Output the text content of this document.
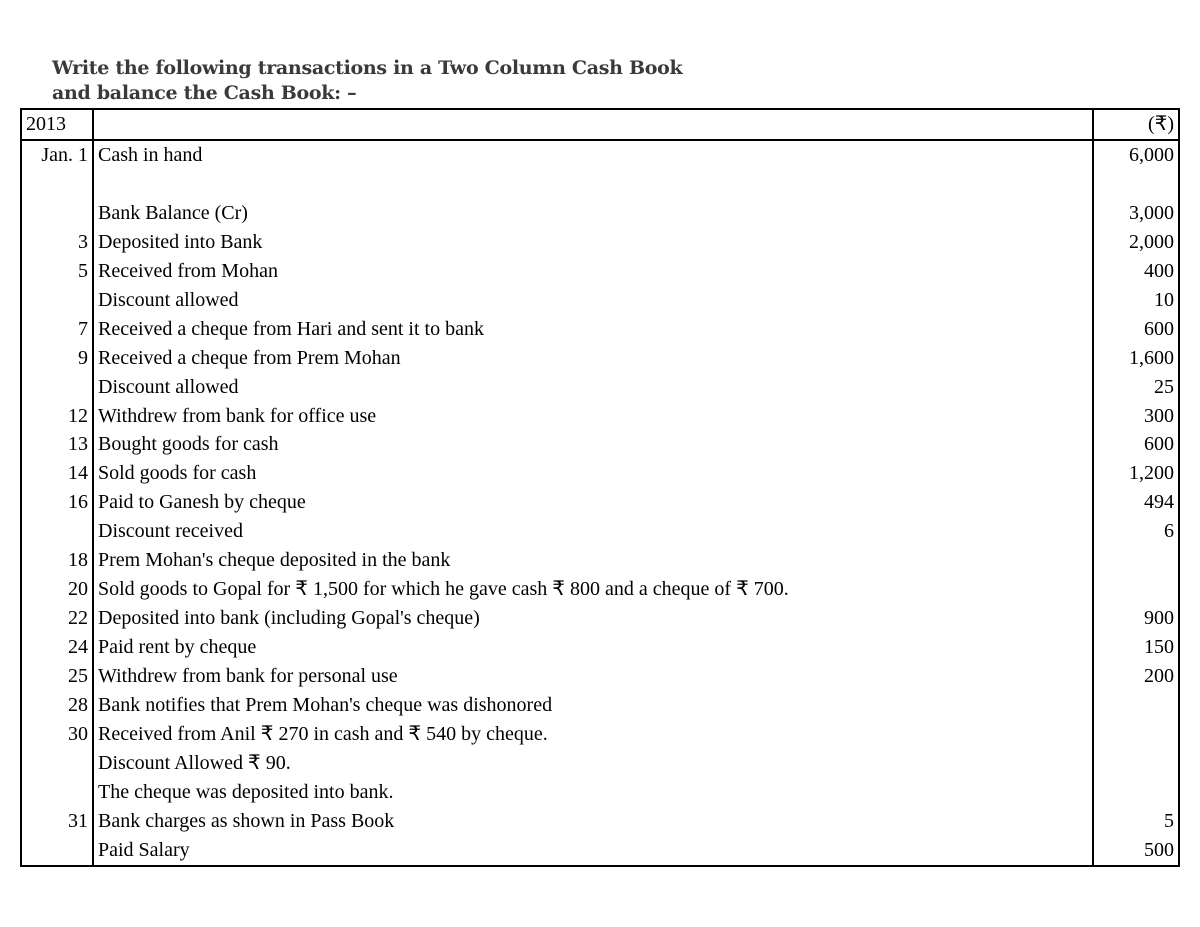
Write the following transactions in a Two Column Cash Book
and balance the Cash Book: –
2013		(₹)
Jan. 1	Cash in hand	6,000

	Bank Balance (Cr)	3,000
3	Deposited into Bank	2,000
5	Received from Mohan	400
	Discount allowed	10
7	Received a cheque from Hari and sent it to bank	600
9	Received a cheque from Prem Mohan	1,600
	Discount allowed	25
12	Withdrew from bank for office use	300
13	Bought goods for cash	600
14	Sold goods for cash	1,200
16	Paid to Ganesh by cheque	494
	Discount received	6
18	Prem Mohan's cheque deposited in the bank	
20	Sold goods to Gopal for ₹ 1,500 for which he gave cash ₹ 800 and a cheque of ₹ 700.	
22	Deposited into bank (including Gopal's cheque)	900
24	Paid rent by cheque	150
25	Withdrew from bank for personal use	200
28	Bank notifies that Prem Mohan's cheque was dishonored	
30	Received from Anil ₹ 270 in cash and ₹ 540 by cheque.	
	Discount Allowed ₹ 90.	
	The cheque was deposited into bank.	
31	Bank charges as shown in Pass Book	5
	Paid Salary	500
